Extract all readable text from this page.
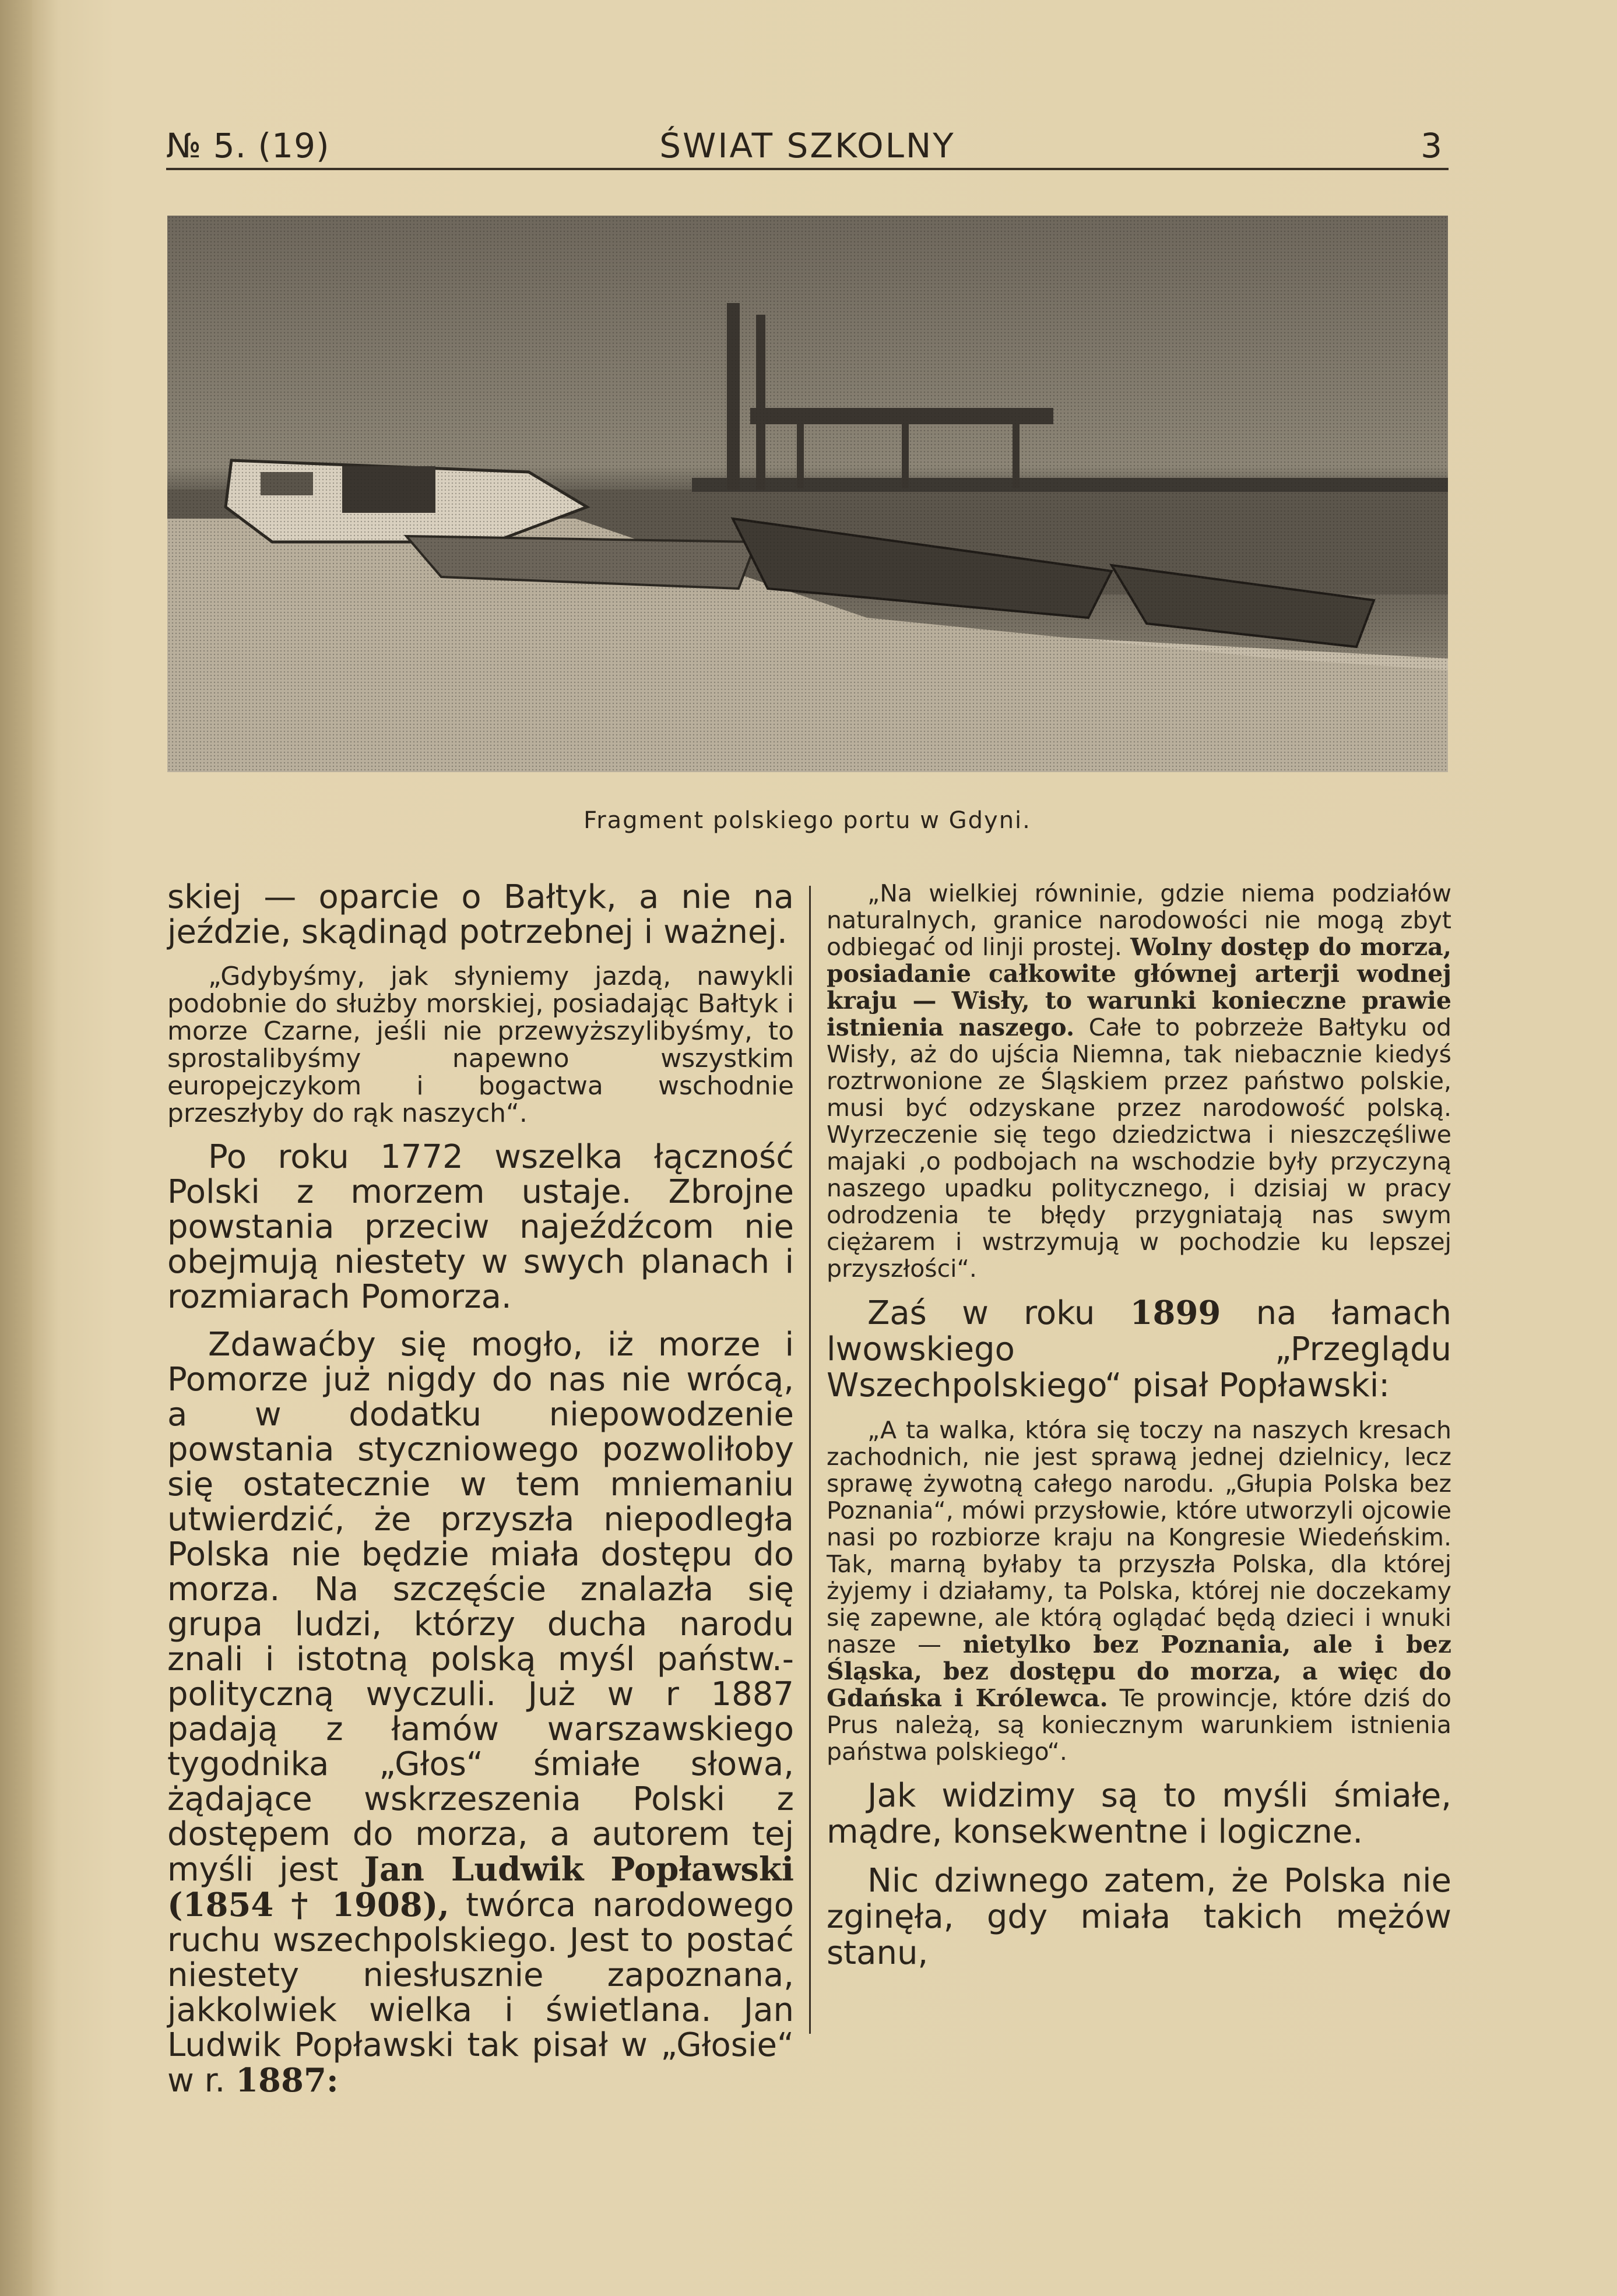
№ 5. (19)	ŚWIAT SZKOLNY	3
Fragment polskiego portu w Gdyni.

skiej — oparcie o Bałtyk, a nie na jeździe, skądinąd potrzebnej i ważnej.

„Gdybyśmy, jak słyniemy jazdą, nawykli podobnie do służby morskiej, posiadając Bałtyk i morze Czarne, jeśli nie przewyższylibyśmy, to sprostalibyśmy napewno wszystkim europejczykom i bogactwa wschodnie przeszłyby do rąk naszych“.

Po roku 1772 wszelka łączność Polski z morzem ustaje. Zbrojne powstania przeciw najeźdźcom nie obejmują niestety w swych planach i rozmiarach Pomorza.

Zdawaćby się mogło, iż morze i Pomorze już nigdy do nas nie wrócą, a w dodatku niepowodzenie powstania styczniowego pozwoliłoby się ostatecznie w tem mniemaniu utwierdzić, że przyszła niepodległa Polska nie będzie miała dostępu do morza. Na szczęście znalazła się grupa ludzi, którzy ducha narodu znali i istotną polską myśl państw.-polityczną wyczuli. Już w r 1887 padają z łamów warszawskiego tygodnika „Głos“ śmiałe słowa, żądające wskrzeszenia Polski z dostępem do morza, a autorem tej myśli jest Jan Ludwik Popławski (1854 † 1908), twórca narodowego ruchu wszechpolskiego. Jest to postać niestety niesłusznie zapoznana, jakkolwiek wielka i świetlana. Jan Ludwik Popławski tak pisał w „Głosie“ w r. 1887:

„Na wielkiej równinie, gdzie niema podziałów naturalnych, granice narodowości nie mogą zbyt odbiegać od linji prostej. Wolny dostęp do morza, posiadanie całkowite głównej arterji wodnej kraju — Wisły, to warunki konieczne prawie istnienia naszego. Całe to pobrzeże Bałtyku od Wisły, aż do ujścia Niemna, tak niebacznie kiedyś roztrwonione ze Śląskiem przez państwo polskie, musi być odzyskane przez narodowość polską. Wyrzeczenie się tego dziedzictwa i nieszczęśliwe majaki ,o podbojach na wschodzie były przyczyną naszego upadku politycznego, i dzisiaj w pracy odrodzenia te błędy przygniatają nas swym ciężarem i wstrzymują w pochodzie ku lepszej przyszłości“.

Zaś w roku 1899 na łamach lwowskiego „Przeglądu Wszechpolskiego“ pisał Popławski:

„A ta walka, która się toczy na naszych kresach zachodnich, nie jest sprawą jednej dzielnicy, lecz sprawę żywotną całego narodu. „Głupia Polska bez Poznania“, mówi przysłowie, które utworzyli ojcowie nasi po rozbiorze kraju na Kongresie Wiedeńskim. Tak, marną byłaby ta przyszła Polska, dla której żyjemy i działamy, ta Polska, której nie doczekamy się zapewne, ale którą oglądać będą dzieci i wnuki nasze — nietylko bez Poznania, ale i bez Śląska, bez dostępu do morza, a więc do Gdańska i Królewca. Te prowincje, które dziś do Prus należą, są koniecznym warunkiem istnienia państwa polskiego“.

Jak widzimy są to myśli śmiałe, mądre, konsekwentne i logiczne.

Nic dziwnego zatem, że Polska nie zginęła, gdy miała takich mężów stanu,
